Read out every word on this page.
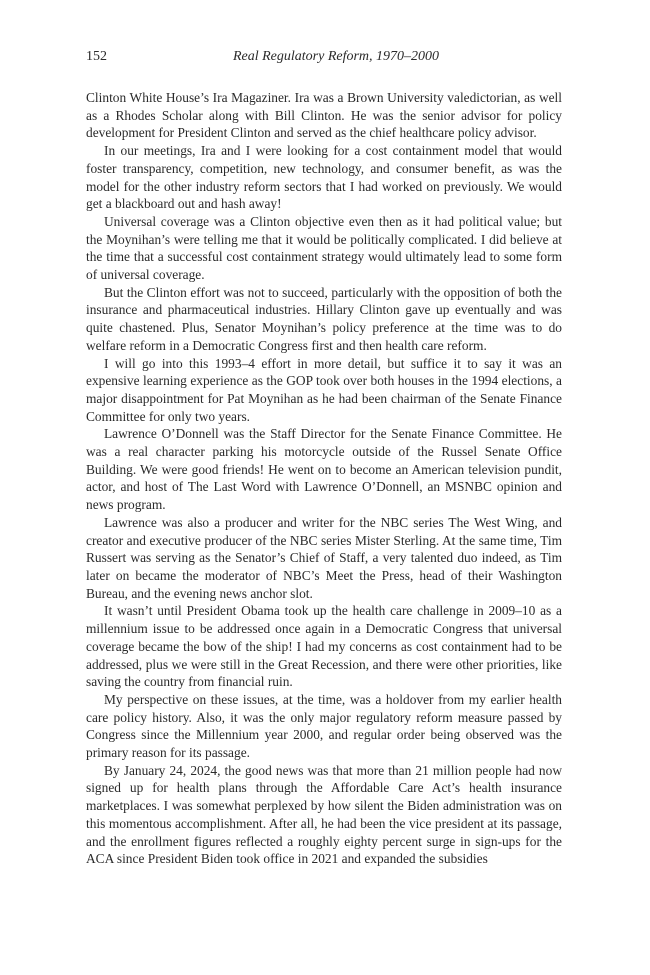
152	Real Regulatory Reform, 1970–2000

Clinton White House’s Ira Magaziner. Ira was a Brown University valedictorian, as well as a Rhodes Scholar along with Bill Clinton. He was the senior advisor for policy development for President Clinton and served as the chief healthcare policy advisor.

In our meetings, Ira and I were looking for a cost containment model that would foster transparency, competition, new technology, and consumer benefit, as was the model for the other industry reform sectors that I had worked on previously. We would get a blackboard out and hash away!

Universal coverage was a Clinton objective even then as it had political value; but the Moynihan’s were telling me that it would be politically complicated. I did believe at the time that a successful cost containment strategy would ultimately lead to some form of universal coverage.

But the Clinton effort was not to succeed, particularly with the opposition of both the insurance and pharmaceutical industries. Hillary Clinton gave up eventually and was quite chastened. Plus, Senator Moynihan’s policy preference at the time was to do welfare reform in a Democratic Congress first and then health care reform.

I will go into this 1993–4 effort in more detail, but suffice it to say it was an expensive learning experience as the GOP took over both houses in the 1994 elections, a major disappointment for Pat Moynihan as he had been chairman of the Senate Finance Committee for only two years.

Lawrence O’Donnell was the Staff Director for the Senate Finance Committee. He was a real character parking his motorcycle outside of the Russel Senate Office Building. We were good friends! He went on to become an American television pundit, actor, and host of The Last Word with Lawrence O’Donnell, an MSNBC opinion and news program.

Lawrence was also a producer and writer for the NBC series The West Wing, and creator and executive producer of the NBC series Mister Sterling. At the same time, Tim Russert was serving as the Senator’s Chief of Staff, a very talented duo indeed, as Tim later on became the moderator of NBC’s Meet the Press, head of their Washington Bureau, and the evening news anchor slot.

It wasn’t until President Obama took up the health care challenge in 2009–10 as a millennium issue to be addressed once again in a Democratic Congress that universal coverage became the bow of the ship! I had my concerns as cost containment had to be addressed, plus we were still in the Great Recession, and there were other priorities, like saving the country from financial ruin.

My perspective on these issues, at the time, was a holdover from my earlier health care policy history. Also, it was the only major regulatory reform measure passed by Congress since the Millennium year 2000, and regular order being observed was the primary reason for its passage.

By January 24, 2024, the good news was that more than 21 million people had now signed up for health plans through the Affordable Care Act’s health insurance marketplaces. I was somewhat perplexed by how silent the Biden administration was on this momentous accomplishment. After all, he had been the vice president at its passage, and the enrollment figures reflected a roughly eighty percent surge in sign-ups for the ACA since President Biden took office in 2021 and expanded the subsidies
